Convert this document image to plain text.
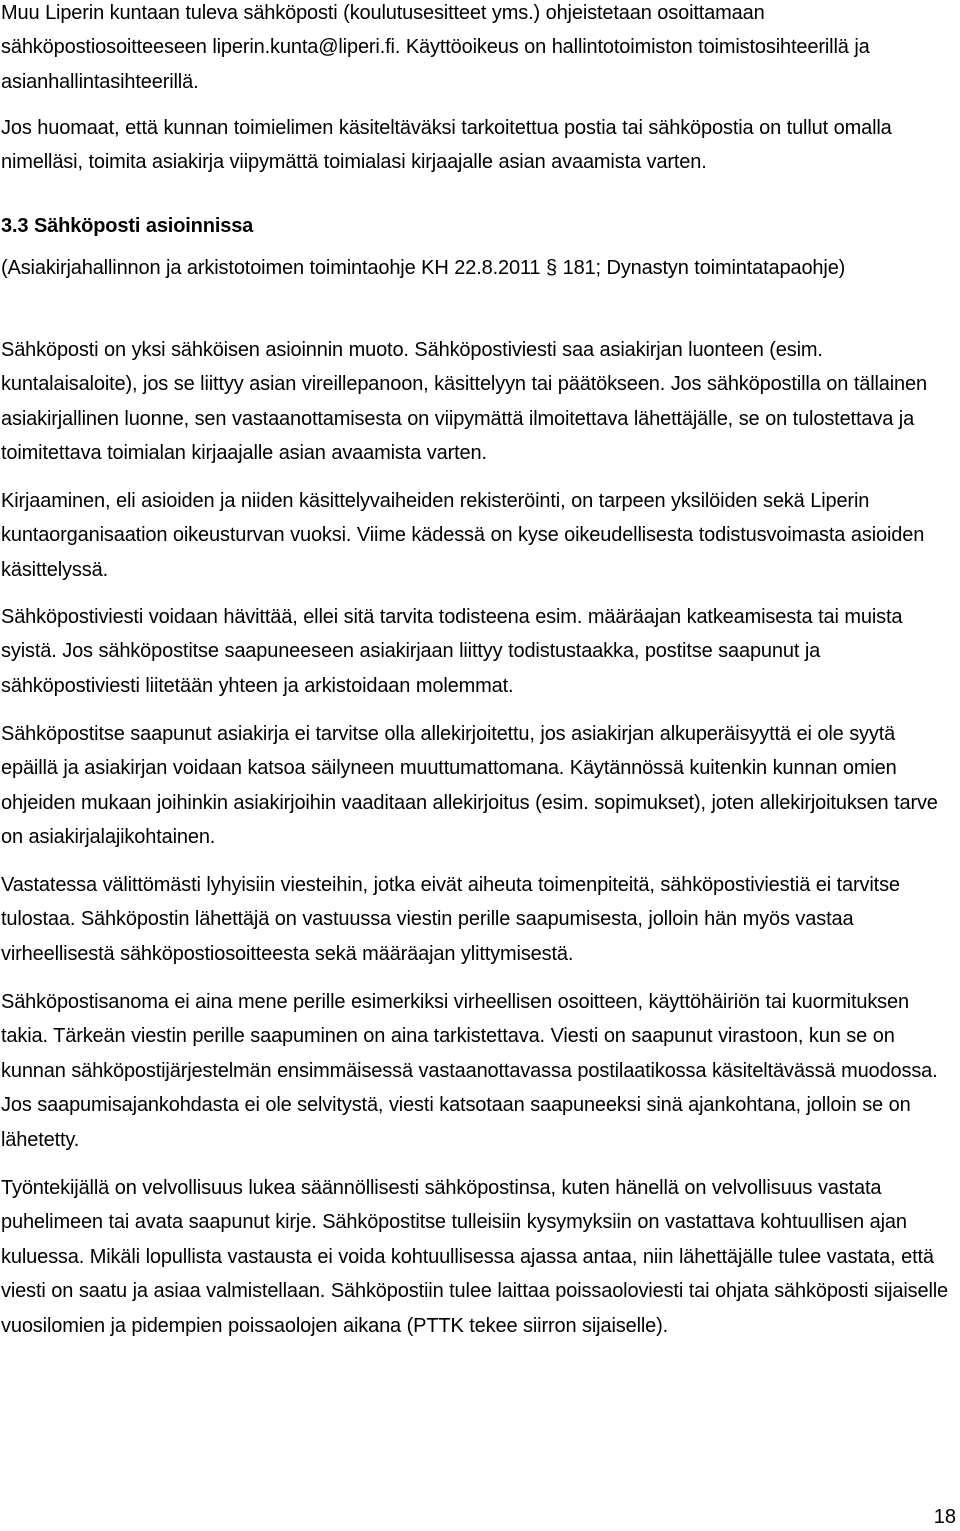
Muu Liperin kuntaan tuleva sähköposti (koulutusesitteet yms.) ohjeistetaan osoittamaan sähköpostiosoitteeseen liperin.kunta@liperi.fi. Käyttöoikeus on hallintotoimiston toimistosihteerillä ja asianhallintasihteerillä.

Jos huomaat, että kunnan toimielimen käsiteltäväksi tarkoitettua postia tai sähköpostia on tullut omalla nimelläsi, toimita asiakirja viipymättä toimialasi kirjaajalle asian avaamista varten.

3.3 Sähköposti asioinnissa

(Asiakirjahallinnon ja arkistotoimen toimintaohje KH 22.8.2011 § 181; Dynastyn toimintatapaohje)

Sähköposti on yksi sähköisen asioinnin muoto. Sähköpostiviesti saa asiakirjan luonteen (esim. kuntalaisaloite), jos se liittyy asian vireillepanoon, käsittelyyn tai päätökseen. Jos sähköpostilla on tällainen asiakirjallinen luonne, sen vastaanottamisesta on viipymättä ilmoitettava lähettäjälle, se on tulostettava ja toimitettava toimialan kirjaajalle asian avaamista varten.

Kirjaaminen, eli asioiden ja niiden käsittelyvaiheiden rekisteröinti, on tarpeen yksilöiden sekä Liperin kuntaorganisaation oikeusturvan vuoksi. Viime kädessä on kyse oikeudellisesta todistusvoimasta asioiden käsittelyssä.

Sähköpostiviesti voidaan hävittää, ellei sitä tarvita todisteena esim. määräajan katkeamisesta tai muista syistä. Jos sähköpostitse saapuneeseen asiakirjaan liittyy todistustaakka, postitse saapunut ja sähköpostiviesti liitetään yhteen ja arkistoidaan molemmat.

Sähköpostitse saapunut asiakirja ei tarvitse olla allekirjoitettu, jos asiakirjan alkuperäisyyttä ei ole syytä epäillä ja asiakirjan voidaan katsoa säilyneen muuttumattomana. Käytännössä kuitenkin kunnan omien ohjeiden mukaan joihinkin asiakirjoihin vaaditaan allekirjoitus (esim. sopimukset), joten allekirjoituksen tarve on asiakirjalajikohtainen.

Vastatessa välittömästi lyhyisiin viesteihin, jotka eivät aiheuta toimenpiteitä, sähköpostiviestiä ei tarvitse tulostaa. Sähköpostin lähettäjä on vastuussa viestin perille saapumisesta, jolloin hän myös vastaa virheellisestä sähköpostiosoitteesta sekä määräajan ylittymisestä.

Sähköpostisanoma ei aina mene perille esimerkiksi virheellisen osoitteen, käyttöhäiriön tai kuormituksen takia. Tärkeän viestin perille saapuminen on aina tarkistettava. Viesti on saapunut virastoon, kun se on kunnan sähköpostijärjestelmän ensimmäisessä vastaanottavassa postilaatikossa käsiteltävässä muodossa. Jos saapumisajankohdasta ei ole selvitystä, viesti katsotaan saapuneeksi sinä ajankohtana, jolloin se on lähetetty.

Työntekijällä on velvollisuus lukea säännöllisesti sähköpostinsa, kuten hänellä on velvollisuus vastata puhelimeen tai avata saapunut kirje. Sähköpostitse tulleisiin kysymyksiin on vastattava kohtuullisen ajan kuluessa. Mikäli lopullista vastausta ei voida kohtuullisessa ajassa antaa, niin lähettäjälle tulee vastata, että viesti on saatu ja asiaa valmistellaan. Sähköpostiin tulee laittaa poissaoloviesti tai ohjata sähköposti sijaiselle vuosilomien ja pidempien poissaolojen aikana (PTTK tekee siirron sijaiselle).

18
